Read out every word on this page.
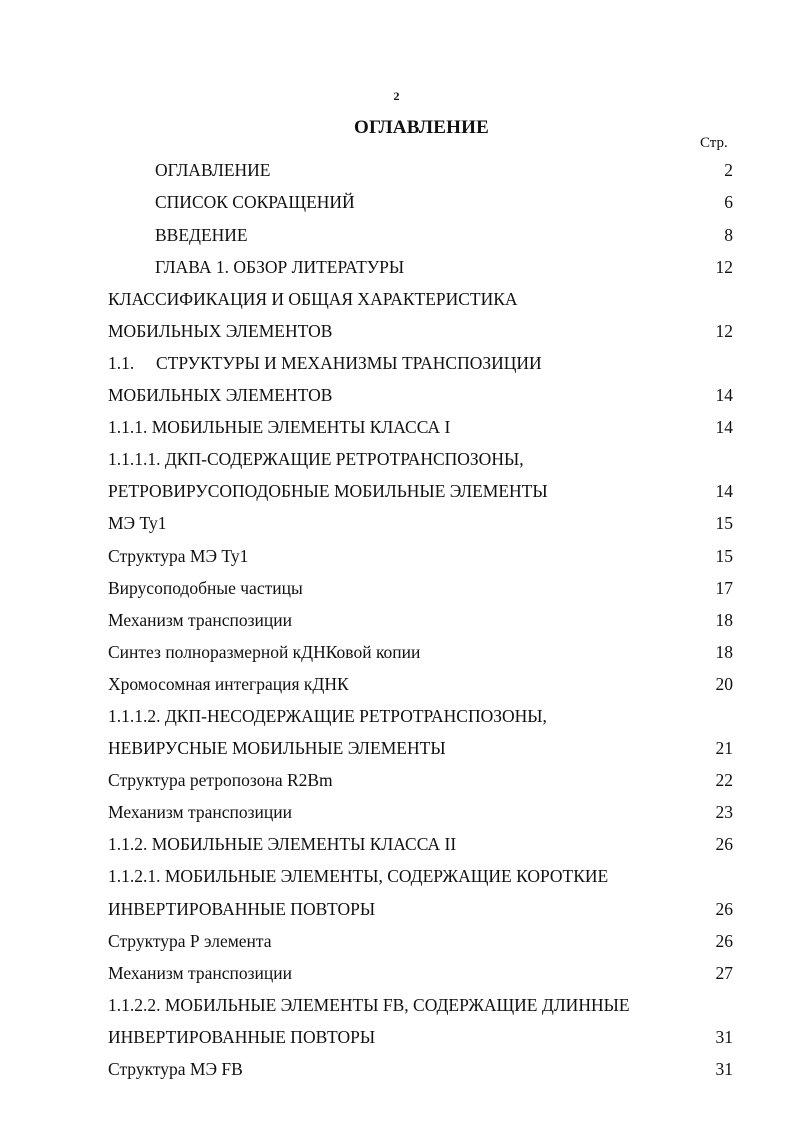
2
ОГЛАВЛЕНИЕ
Стр.
ОГЛАВЛЕНИЕ	2
СПИСОК СОКРАЩЕНИЙ	6
ВВЕДЕНИЕ	8
ГЛАВА 1. ОБЗОР ЛИТЕРАТУРЫ	12
КЛАССИФИКАЦИЯ И ОБЩАЯ ХАРАКТЕРИСТИКА
МОБИЛЬНЫХ ЭЛЕМЕНТОВ	12
1.1. СТРУКТУРЫ И МЕХАНИЗМЫ ТРАНСПОЗИЦИИ
МОБИЛЬНЫХ ЭЛЕМЕНТОВ	14
1.1.1. МОБИЛЬНЫЕ ЭЛЕМЕНТЫ КЛАССА I	14
1.1.1.1. ДКП-СОДЕРЖАЩИЕ РЕТРОТРАНСПОЗОНЫ,
РЕТРОВИРУСОПОДОБНЫЕ МОБИЛЬНЫЕ ЭЛЕМЕНТЫ	14
МЭ Ty1	15
Структура МЭ Ty1	15
Вирусоподобные частицы	17
Механизм транспозиции	18
Синтез полноразмерной кДНКовой копии	18
Хромосомная интеграция кДНК	20
1.1.1.2. ДКП-НЕСОДЕРЖАЩИЕ РЕТРОТРАНСПОЗОНЫ,
НЕВИРУСНЫЕ МОБИЛЬНЫЕ ЭЛЕМЕНТЫ	21
Структура ретропозона R2Bm	22
Механизм транспозиции	23
1.1.2. МОБИЛЬНЫЕ ЭЛЕМЕНТЫ КЛАССА II	26
1.1.2.1. МОБИЛЬНЫЕ ЭЛЕМЕНТЫ, СОДЕРЖАЩИЕ КОРОТКИЕ
ИНВЕРТИРОВАННЫЕ ПОВТОРЫ	26
Структура Р элемента	26
Механизм транспозиции	27
1.1.2.2. МОБИЛЬНЫЕ ЭЛЕМЕНТЫ FB, СОДЕРЖАЩИЕ ДЛИННЫЕ
ИНВЕРТИРОВАННЫЕ ПОВТОРЫ	31
Структура МЭ FB	31
